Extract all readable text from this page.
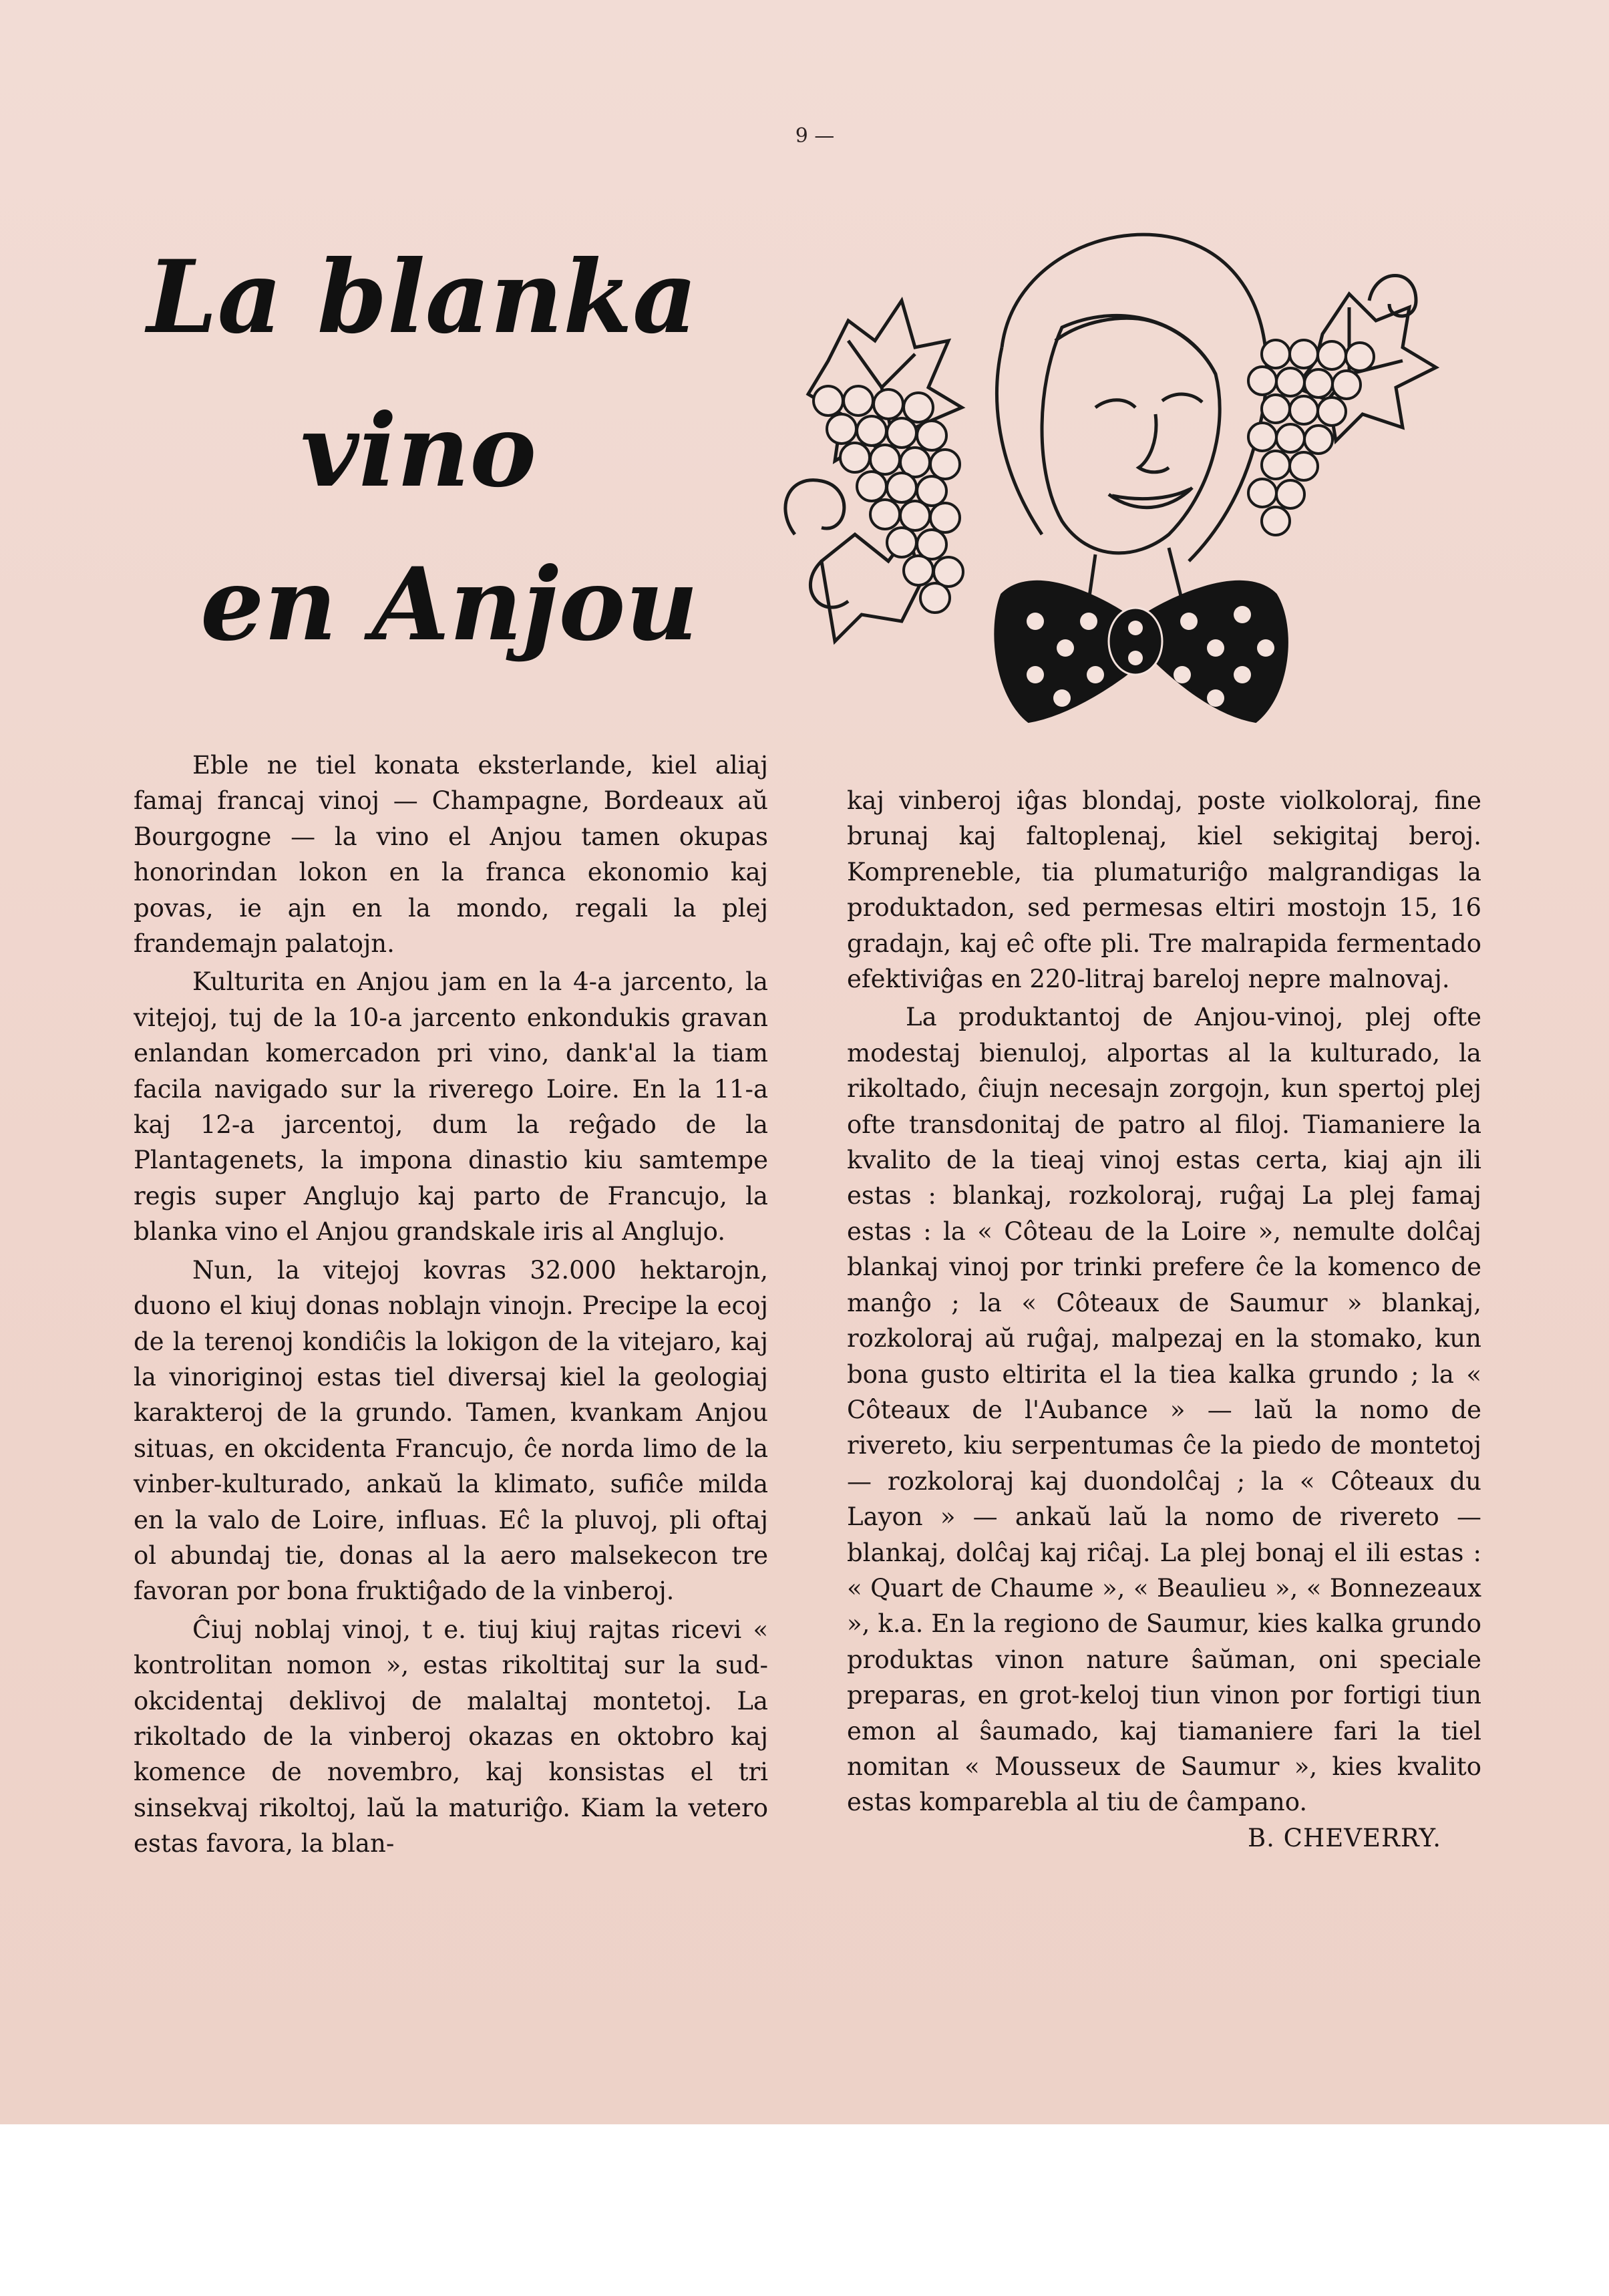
9 —
La blanka
vino
en Anjou

Eble ne tiel konata eksterlande, kiel aliaj famaj francaj vinoj — Champagne, Bordeaux aŭ Bourgogne — la vino el Anjou tamen okupas honorindan lokon en la franca ekonomio kaj povas, ie ajn en la mondo, regali la plej frandemajn palatojn.

Kulturita en Anjou jam en la 4-a jarcento, la vitejoj, tuj de la 10-a jarcento enkondukis gravan enlandan komercadon pri vino, dank'al la tiam facila navigado sur la riverego Loire. En la 11-a kaj 12-a jarcentoj, dum la reĝado de la Plantagenets, la impona dinastio kiu samtempe regis super Anglujo kaj parto de Francujo, la blanka vino el Anjou grandskale iris al Anglujo.

Nun, la vitejoj kovras 32.000 hektarojn, duono el kiuj donas noblajn vinojn. Precipe la ecoj de la terenoj kondiĉis la lokigon de la vitejaro, kaj la vinoriginoj estas tiel diversaj kiel la geologiaj karakteroj de la grundo. Tamen, kvankam Anjou situas, en okcidenta Francujo, ĉe norda limo de la vinber-kulturado, ankaŭ la klimato, sufiĉe milda en la valo de Loire, influas. Eĉ la pluvoj, pli oftaj ol abundaj tie, donas al la aero malsekecon tre favoran por bona fruktiĝado de la vinberoj.

Ĉiuj noblaj vinoj, t e. tiuj kiuj rajtas ricevi « kontrolitan nomon », estas rikoltitaj sur la sud-okcidentaj deklivoj de malaltaj montetoj. La rikoltado de la vinberoj okazas en oktobro kaj komence de novembro, kaj konsistas el tri sinsekvaj rikoltoj, laŭ la maturiĝo. Kiam la vetero estas favora, la blan-

kaj vinberoj iĝas blondaj, poste violkoloraj, fine brunaj kaj faltoplenaj, kiel sekigitaj beroj. Kompreneble, tia plumaturiĝo malgrandigas la produktadon, sed permesas eltiri mostojn 15, 16 gradajn, kaj eĉ ofte pli. Tre malrapida fermentado efektiviĝas en 220-litraj bareloj nepre malnovaj.

La produktantoj de Anjou-vinoj, plej ofte modestaj bienuloj, alportas al la kulturado, la rikoltado, ĉiujn necesajn zorgojn, kun spertoj plej ofte transdonitaj de patro al filoj. Tiamaniere la kvalito de la tieaj vinoj estas certa, kiaj ajn ili estas : blankaj, rozkoloraj, ruĝaj La plej famaj estas : la « Côteau de la Loire », nemulte dolĉaj blankaj vinoj por trinki prefere ĉe la komenco de manĝo ; la « Côteaux de Saumur » blankaj, rozkoloraj aŭ ruĝaj, malpezaj en la stomako, kun bona gusto eltirita el la tiea kalka grundo ; la « Côteaux de l'Aubance » — laŭ la nomo de rivereto, kiu serpentumas ĉe la piedo de montetoj — rozkoloraj kaj duondolĉaj ; la « Côteaux du Layon » — ankaŭ laŭ la nomo de rivereto — blankaj, dolĉaj kaj riĉaj. La plej bonaj el ili estas : « Quart de Chaume », « Beaulieu », « Bonnezeaux », k.a. En la regiono de Saumur, kies kalka grundo produktas vinon nature ŝaŭman, oni speciale preparas, en grot-keloj tiun vinon por fortigi tiun emon al ŝaumado, kaj tiamaniere fari la tiel nomitan « Mousseux de Saumur », kies kvalito estas komparebla al tiu de ĉampano.
B. CHEVERRY.
